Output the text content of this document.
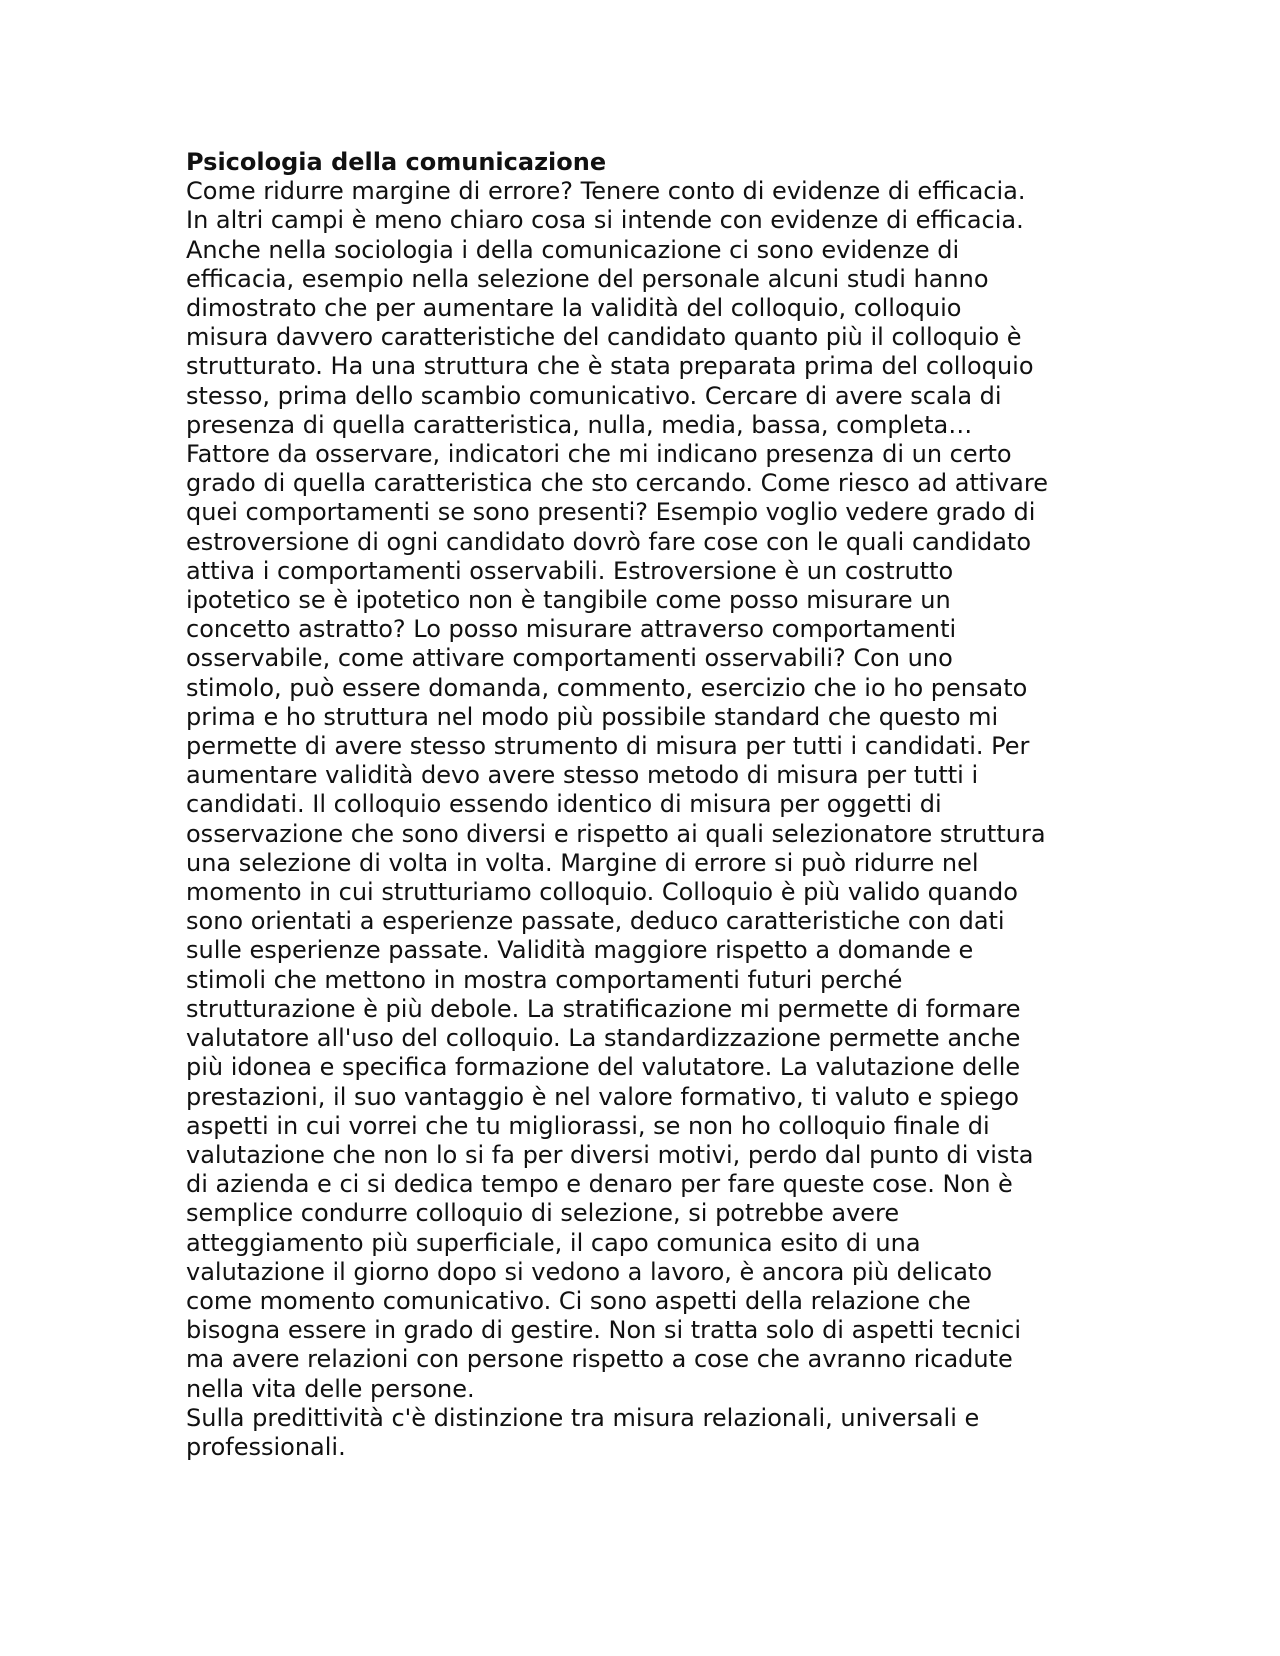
Psicologia della comunicazione

Come ridurre margine di errore? Tenere conto di evidenze di efficacia.
In altri campi è meno chiaro cosa si intende con evidenze di efficacia.
Anche nella sociologia i della comunicazione ci sono evidenze di
efficacia, esempio nella selezione del personale alcuni studi hanno
dimostrato che per aumentare la validità del colloquio, colloquio
misura davvero caratteristiche del candidato quanto più il colloquio è
strutturato. Ha una struttura che è stata preparata prima del colloquio
stesso, prima dello scambio comunicativo. Cercare di avere scala di
presenza di quella caratteristica, nulla, media, bassa, completa…
Fattore da osservare, indicatori che mi indicano presenza di un certo
grado di quella caratteristica che sto cercando. Come riesco ad attivare
quei comportamenti se sono presenti? Esempio voglio vedere grado di
estroversione di ogni candidato dovrò fare cose con le quali candidato
attiva i comportamenti osservabili. Estroversione è un costrutto
ipotetico se è ipotetico non è tangibile come posso misurare un
concetto astratto? Lo posso misurare attraverso comportamenti
osservabile, come attivare comportamenti osservabili? Con uno
stimolo, può essere domanda, commento, esercizio che io ho pensato
prima e ho struttura nel modo più possibile standard che questo mi
permette di avere stesso strumento di misura per tutti i candidati. Per
aumentare validità devo avere stesso metodo di misura per tutti i
candidati. Il colloquio essendo identico di misura per oggetti di
osservazione che sono diversi e rispetto ai quali selezionatore struttura
una selezione di volta in volta. Margine di errore si può ridurre nel
momento in cui strutturiamo colloquio. Colloquio è più valido quando
sono orientati a esperienze passate, deduco caratteristiche con dati
sulle esperienze passate. Validità maggiore rispetto a domande e
stimoli che mettono in mostra comportamenti futuri perché
strutturazione è più debole. La stratificazione mi permette di formare
valutatore all'uso del colloquio. La standardizzazione permette anche
più idonea e specifica formazione del valutatore. La valutazione delle
prestazioni, il suo vantaggio è nel valore formativo, ti valuto e spiego
aspetti in cui vorrei che tu migliorassi, se non ho colloquio finale di
valutazione che non lo si fa per diversi motivi, perdo dal punto di vista
di azienda e ci si dedica tempo e denaro per fare queste cose. Non è
semplice condurre colloquio di selezione, si potrebbe avere
atteggiamento più superficiale, il capo comunica esito di una
valutazione il giorno dopo si vedono a lavoro, è ancora più delicato
come momento comunicativo. Ci sono aspetti della relazione che
bisogna essere in grado di gestire. Non si tratta solo di aspetti tecnici
ma avere relazioni con persone rispetto a cose che avranno ricadute
nella vita delle persone.

Sulla predittività c'è distinzione tra misura relazionali, universali e
professionali.
